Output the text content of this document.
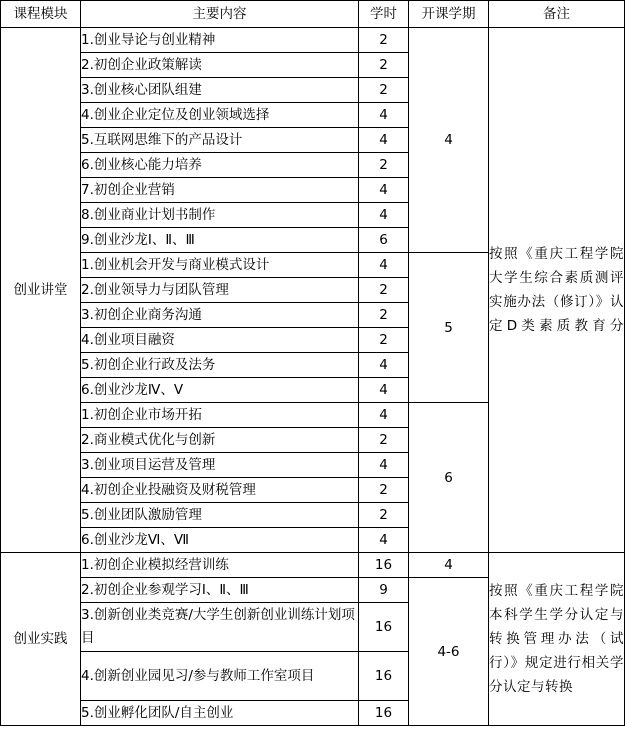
课程模块	主要内容	学时	开课学期	备注
创业讲堂	1.创业导论与创业精神	2	4	按照《重庆工程学院大学生综合素质测评实施办法（修订）》认定D类素质教育分

	2.初创企业政策解读	2		
	3.创业核心团队组建	2		
	4.创业企业定位及创业领域选择	4		
	5.互联网思维下的产品设计	4		
	6.创业核心能力培养	2		
	7.初创企业营销	4		
	8.创业商业计划书制作	4		
	9.创业沙龙Ⅰ、Ⅱ、Ⅲ	6		
	1.创业机会开发与商业模式设计	4	5	
	2.创业领导力与团队管理	2		
	3.初创企业商务沟通	2		
	4.创业项目融资	2		
	5.初创企业行政及法务	4		
	6.创业沙龙Ⅳ、Ⅴ	4		
	1.初创企业市场开拓	4	6	
	2.商业模式优化与创新	2		
	3.创业项目运营及管理	4		
	4.初创企业投融资及财税管理	2		
	5.创业团队激励管理	2		
	6.创业沙龙Ⅵ、Ⅶ	4		
创业实践	1.初创企业模拟经营训练	16	4	按照《重庆工程学院本科学生学分认定与转换管理办法（试行）》规定进行相关学分认定与转换

	2.初创企业参观学习Ⅰ、Ⅱ、Ⅲ	9	4-6	
	3.创新创业类竞赛/大学生创新创业训练计划项目	16		
	4.创新创业园见习/参与教师工作室项目	16		
	5.创业孵化团队/自主创业	16		
